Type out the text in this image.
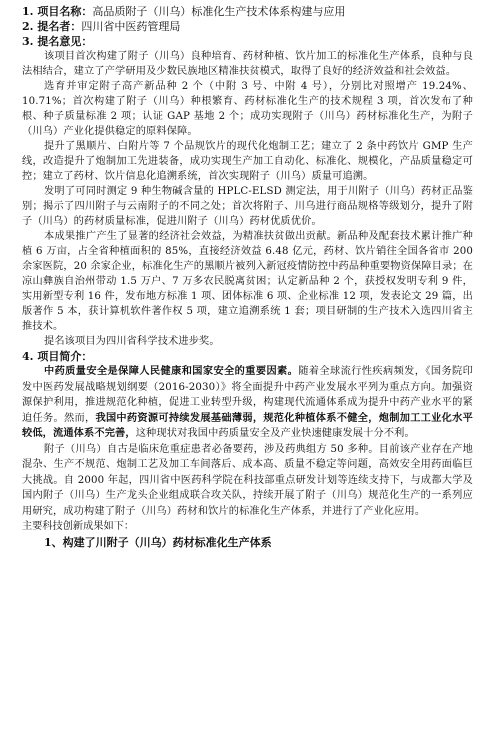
1. 项目名称：高品质附子（川乌）标准化生产技术体系构建与应用

2. 提名者：四川省中医药管理局

3. 提名意见：

该项目首次构建了附子（川乌）良种培育、药材种植、饮片加工的标准化生产体系，良种与良法相结合，建立了产学研用及少数民族地区精准扶贫模式，取得了良好的经济效益和社会效益。

选育并审定附子高产新品种 2 个（中附 3 号、中附 4 号），分别比对照增产 19.24%、10.71%；首次构建了附子（川乌）种根繁育、药材标准化生产的技术规程 3 项，首次发布了种根、种子质量标准 2 项；认证 GAP 基地 2 个；成功实现附子（川乌）药材标准化生产，为附子（川乌）产业化提供稳定的原料保障。

提升了黑顺片、白附片等 7 个品规饮片的现代化炮制工艺；建立了 2 条中药饮片 GMP 生产线，改造提升了炮制加工先进装备，成功实现生产加工自动化、标准化、规模化，产品质量稳定可控；建立了药材、饮片信息化追溯系统，首次实现附子（川乌）质量可追溯。

发明了可同时测定 9 种生物碱含量的 HPLC-ELSD 测定法，用于川附子（川乌）药材正品鉴别；揭示了四川附子与云南附子的不同之处；首次将附子、川乌进行商品规格等级划分，提升了附子（川乌）的药材质量标准，促进川附子（川乌）药材优质优价。

本成果推广产生了显著的经济社会效益，为精准扶贫做出贡献。新品种及配套技术累计推广种植 6 万亩，占全省种植面积的 85%，直接经济效益 6.48 亿元，药材、饮片销往全国各省市 200 余家医院，20 余家企业，标准化生产的黑顺片被列入新冠疫情防控中药品种重要物资保障目录；在凉山彝族自治州带动 1.5 万户、7 万多农民脱离贫困；认定新品种 2 个，获授权发明专利 9 件，实用新型专利 16 件，发布地方标准 1 项、团体标准 6 项、企业标准 12 项，发表论文 29 篇，出版著作 5 本，获计算机软件著作权 5 项，建立追溯系统 1 套；项目研制的生产技术入选四川省主推技术。

提名该项目为四川省科学技术进步奖。

4. 项目简介：

中药质量安全是保障人民健康和国家安全的重要因素。随着全球流行性疾病频发，《国务院印发中医药发展战略规划纲要（2016-2030）》将全面提升中药产业发展水平列为重点方向。加强资源保护利用，推进规范化种植，促进工业转型升级，构建现代流通体系成为提升中药产业水平的紧迫任务。然而，我国中药资源可持续发展基础薄弱，规范化种植体系不健全，炮制加工工业化水平较低，流通体系不完善，这种现状对我国中药质量安全及产业快速健康发展十分不利。

附子（川乌）自古是临床危重症患者必备要药，涉及药典组方 50 多种。目前该产业存在产地混杂、生产不规范、炮制工艺及加工车间落后、成本高、质量不稳定等问题，高效安全用药面临巨大挑战。自 2000 年起，四川省中医药科学院在科技部重点研发计划等连续支持下，与成都大学及国内附子（川乌）生产龙头企业组成联合攻关队，持续开展了附子（川乌）规范化生产的一系列应用研究，成功构建了附子（川乌）药材和饮片的标准化生产体系，并进行了产业化应用。

主要科技创新成果如下：

1、构建了川附子（川乌）药材标准化生产体系
